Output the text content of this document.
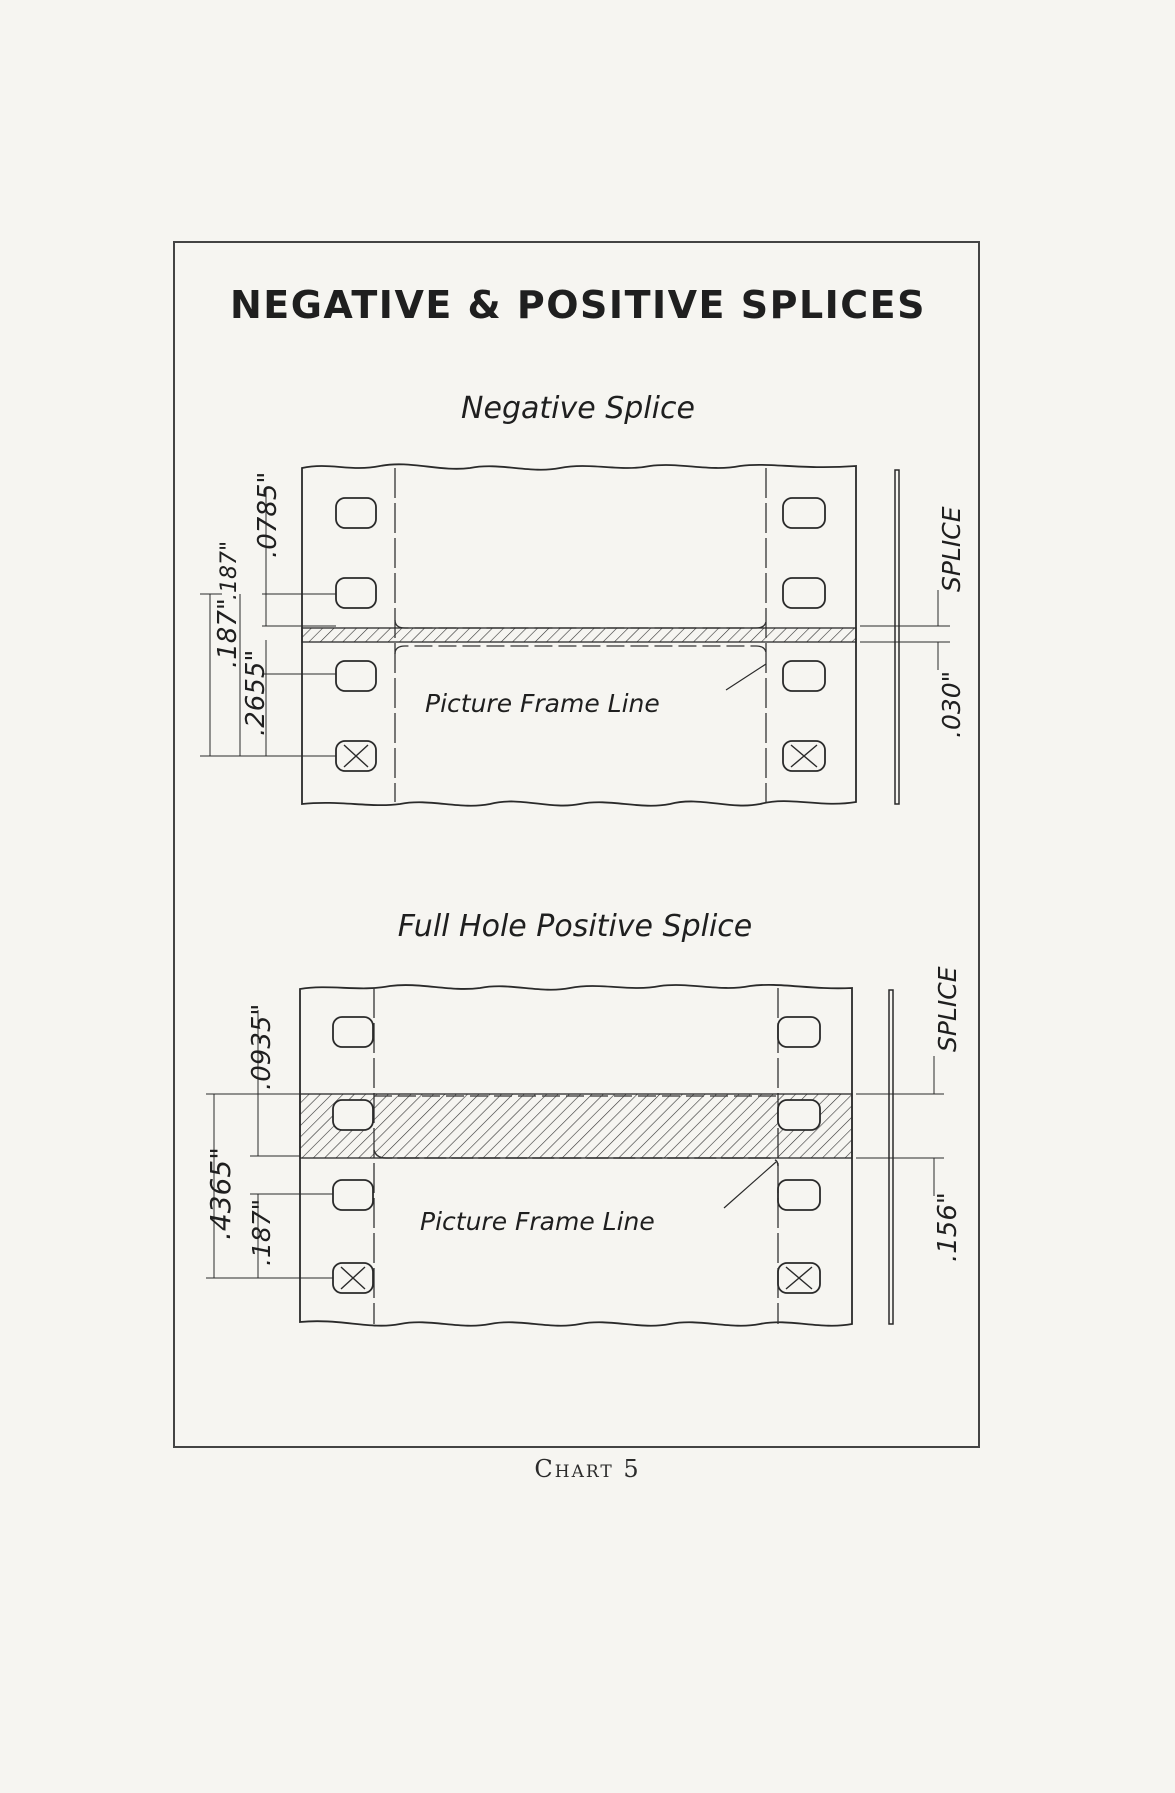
NEGATIVE & POSITIVE SPLICES
Negative Splice
Picture Frame Line
.0785"
.187"
.187"
.2655"
SPLICE
.030"
Full Hole Positive Splice
Picture Frame Line
.0935"
.4365" .187"
SPLICE
.156"
Chart 5
